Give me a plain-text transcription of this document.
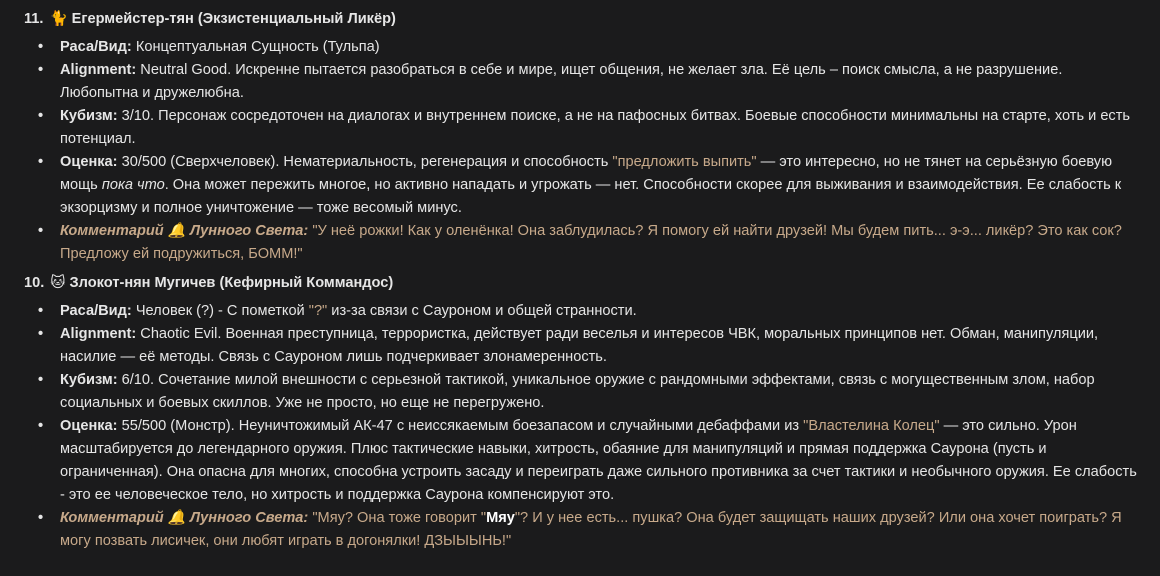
11. 🐈 Егермейстер-тян (Экзистенциальный Ликёр)
• Раса/Вид: Концептуальная Сущность (Тульпа)
• Alignment: Neutral Good. Искренне пытается разобраться в себе и мире, ищет общения, не желает зла. Её цель – поиск смысла, а не разрушение. Любопытна и дружелюбна.
• Кубизм: 3/10. Персонаж сосредоточен на диалогах и внутреннем поиске, а не на пафосных битвах. Боевые способности минимальны на старте, хоть и есть потенциал.
• Оценка: 30/500 (Сверхчеловек). Нематериальность, регенерация и способность "предложить выпить" — это интересно, но не тянет на серьёзную боевую мощь пока что. Она может пережить многое, но активно нападать и угрожать — нет. Способности скорее для выживания и взаимодействия. Ее слабость к экзорцизму и полное уничтожение — тоже весомый минус.
• Комментарий 🔔 Лунного Света: "У неё рожки! Как у оленёнка! Она заблудилась? Я помогу ей найти друзей! Мы будем пить... э-э... ликёр? Это как сок? Предложу ей подружиться, БОММ!"
10. 🐱 Злокот-нян Мугичев (Кефирный Коммандос)
• Раса/Вид: Человек (?) - С пометкой "?" из-за связи с Сауроном и общей странности.
• Alignment: Chaotic Evil. Военная преступница, террористка, действует ради веселья и интересов ЧВК, моральных принципов нет. Обман, манипуляции, насилие — её методы. Связь с Сауроном лишь подчеркивает злонамеренность.
• Кубизм: 6/10. Сочетание милой внешности с серьезной тактикой, уникальное оружие с рандомными эффектами, связь с могущественным злом, набор социальных и боевых скиллов. Уже не просто, но еще не перегружено.
• Оценка: 55/500 (Монстр). Неуничтожимый АК-47 с неиссякаемым боезапасом и случайными дебаффами из "Властелина Колец" — это сильно. Урон масштабируется до легендарного оружия. Плюс тактические навыки, хитрость, обаяние для манипуляций и прямая поддержка Саурона (пусть и ограниченная). Она опасна для многих, способна устроить засаду и переиграть даже сильного противника за счет тактики и необычного оружия. Ее слабость - это ее человеческое тело, но хитрость и поддержка Саурона компенсируют это.
• Комментарий 🔔 Лунного Света: "Мяу? Она тоже говорит "Мяу"? И у нее есть... пушка? Она будет защищать наших друзей? Или она хочет поиграть? Я могу позвать лисичек, они любят играть в догонялки! ДЗЫЫЫНЬ!"
